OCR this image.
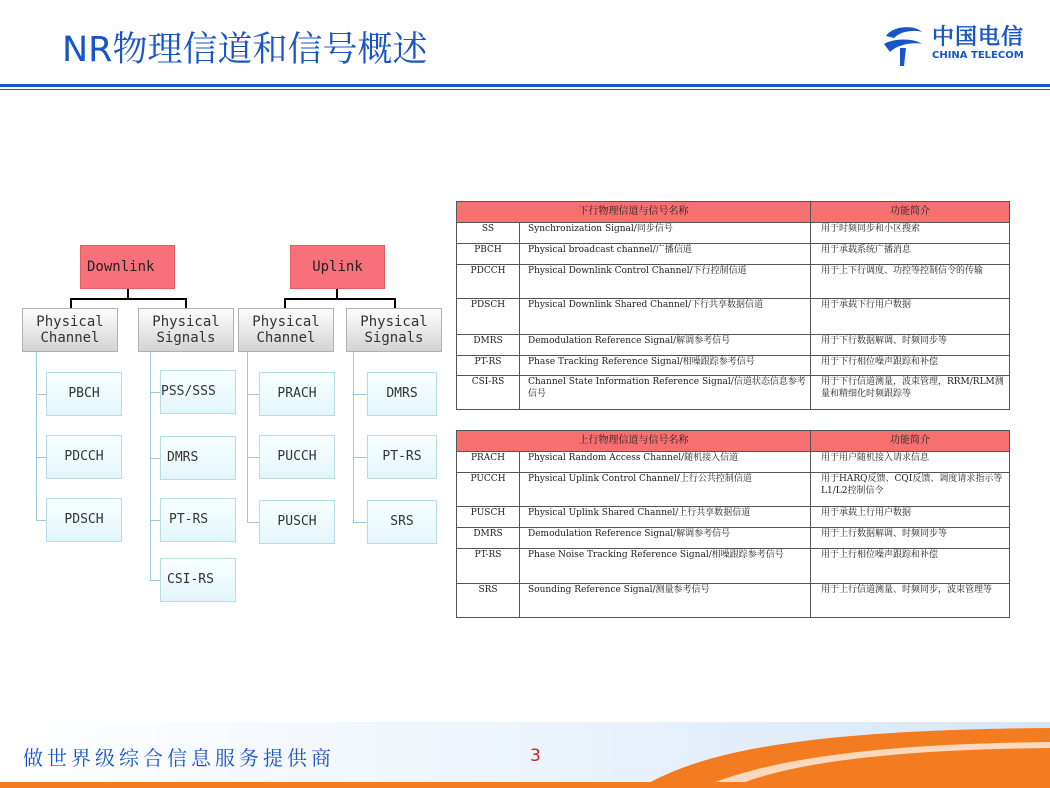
NR物理信道和信号概述	中国电信
CHINA TELECOM
Downlink	Uplink
Physical
Channel
Physical
Signals
Physical
Channel
Physical
Signals
PBCH
PDCCH
PDSCH
PSS/SSS
DMRS
PT-RS
CSI-RS
PRACH
PUCCH
PUSCH
DMRS
PT-RS
SRS
下行物理信道与信号名称		功能简介
SS	Synchronization Signal/同步信号	用于时频同步和小区搜索
PBCH	Physical broadcast channel/广播信道	用于承载系统广播消息
PDCCH	Physical Downlink Control Channel/下行控制信道	用于上下行调度、功控等控制信令的传输
PDSCH	Physical Downlink Shared Channel/下行共享数据信道	用于承载下行用户数据
DMRS	Demodulation Reference Signal/解调参考信号	用于下行数据解调、时频同步等
PT-RS	Phase Tracking Reference Signal/相噪跟踪参考信号	用于下行相位噪声跟踪和补偿
CSI-RS	Channel State Information Reference Signal/信道状态信息参考信号	用于下行信道测量，波束管理，RRM/RLM测量和精细化时频跟踪等
上行物理信道与信号名称		功能简介
PRACH	Physical Random Access Channel/随机接入信道	用于用户随机接入请求信息
PUCCH	Physical Uplink Control Channel/上行公共控制信道	用于HARQ反馈、CQI反馈、调度请求指示等L1/L2控制信令
PUSCH	Physical Uplink Shared Channel/上行共享数据信道	用于承载上行用户数据
DMRS	Demodulation Reference Signal/解调参考信号	用于上行数据解调、时频同步等
PT-RS	Phase Noise Tracking Reference Signal/相噪跟踪参考信号	用于上行相位噪声跟踪和补偿
SRS	Sounding Reference Signal/测量参考信号	用于上行信道测量、时频同步，波束管理等
做世界级综合信息服务提供商	3
